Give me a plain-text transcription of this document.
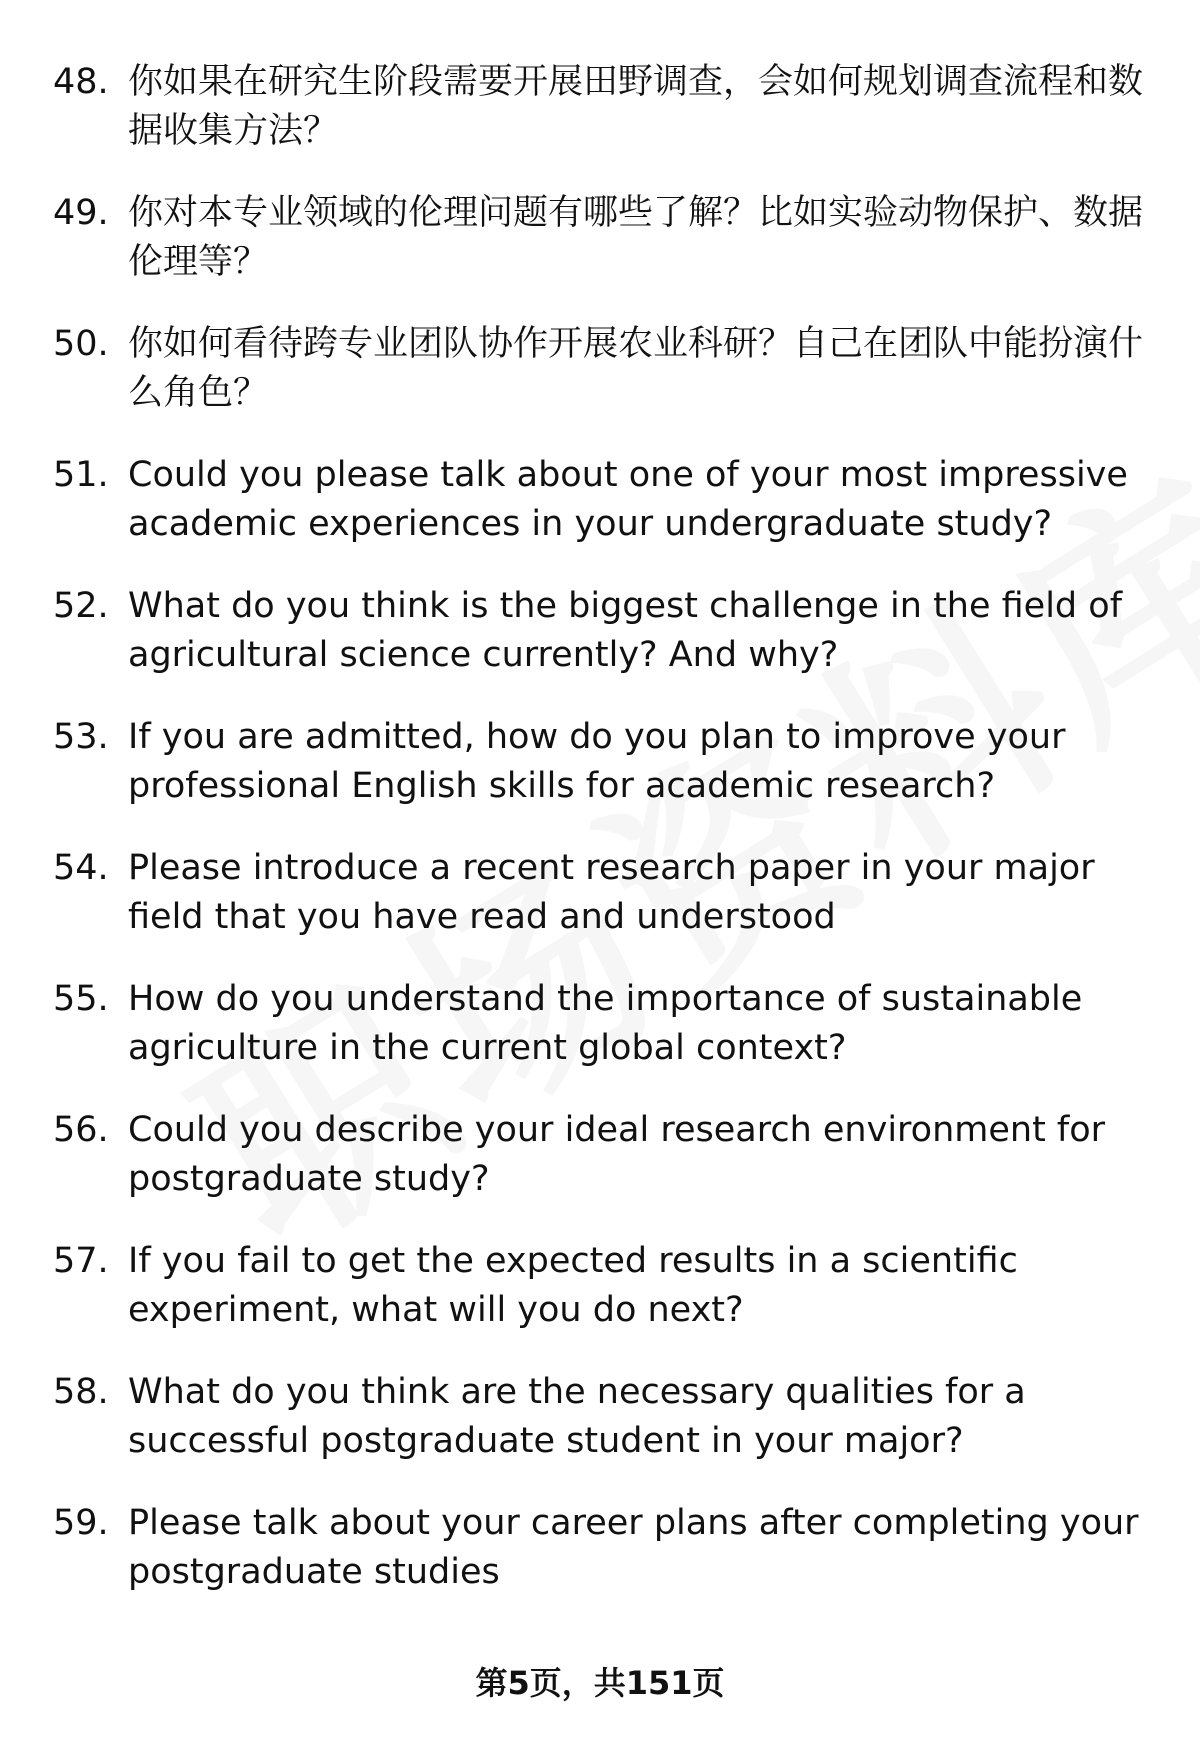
48. 你如果在研究生阶段需要开展田野调查，会如何规划调查流程和数据收集方法？
49. 你对本专业领域的伦理问题有哪些了解？比如实验动物保护、数据伦理等？
50. 你如何看待跨专业团队协作开展农业科研？自己在团队中能扮演什么角色？
51. Could you please talk about one of your most impressive academic experiences in your undergraduate study?
52. What do you think is the biggest challenge in the field of agricultural science currently? And why?
53. If you are admitted, how do you plan to improve your professional English skills for academic research?
54. Please introduce a recent research paper in your major field that you have read and understood
55. How do you understand the importance of sustainable agriculture in the current global context?
56. Could you describe your ideal research environment for postgraduate study?
57. If you fail to get the expected results in a scientific experiment, what will you do next?
58. What do you think are the necessary qualities for a successful postgraduate student in your major?
59. Please talk about your career plans after completing your postgraduate studies
第5页，共151页
